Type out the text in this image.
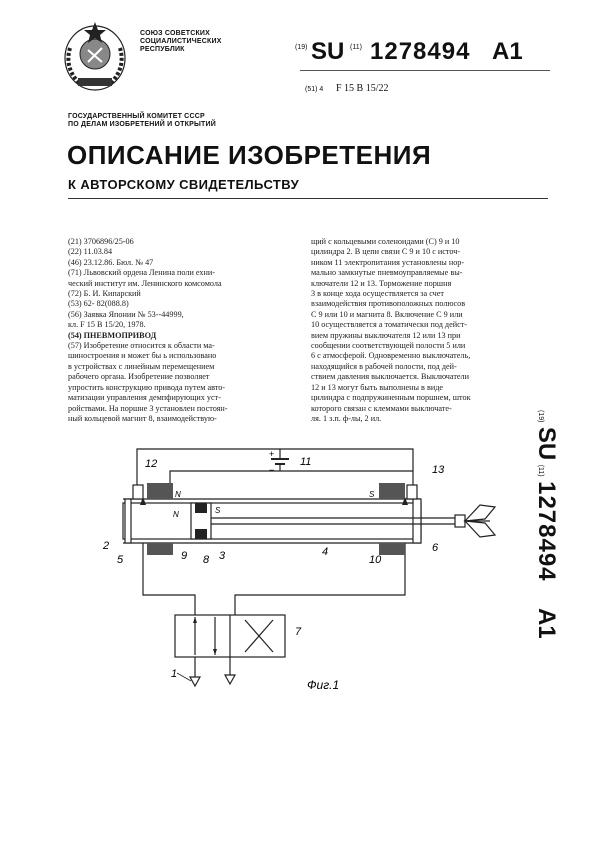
СОЮЗ СОВЕТСКИХ
СОЦИАЛИСТИЧЕСКИХ
РЕСПУБЛИК	(19) SU (11) 1278494 A1
(51) 4 F 15 B 15/22
ГОСУДАРСТВЕННЫЙ КОМИТЕТ СССР
ПО ДЕЛАМ ИЗОБРЕТЕНИЙ И ОТКРЫТИЙ
ОПИСАНИЕ ИЗОБРЕТЕНИЯ
К АВТОРСКОМУ СВИДЕТЕЛЬСТВУ
(21) 3706896/25-06
(22) 11.03.84
(46) 23.12.86. Бюл. № 47
(71) Львовский ордена Ленина поли ехни-
ческий институт им. Ленинского комсомола
(72) Б. И. Кипарский
(53) 62- 82(088.8)
(56) Заявка Японии № 53--44999,
кл. F 15 В 15/20, 1978.
(54) ПНЕВМОПРИВОД
(57) Изобретение относится к области ма-
шиностроения и может бы ь использовано
в устройствах с линейным перемещением
рабочего органа. Изобретение позволяет
упростить конструкцию привода путем авто-
матизации управления демпфирующих уст-
ройствами. На поршне 3 установлен постоян-
ный кольцевой магнит 8, взаимодействую-
щий с кольцевыми соленоидами (С) 9 и 10
цилиндра 2. В цепи связи С 9 и 10 с источ-
ником 11 электропитания установлены нор-
мально замкнутые пневмоуправляемые вы-
ключатели 12 и 13. Торможение поршня
3 в конце хода осуществляется за счет
взаимодействия противоположных полюсов
С 9 или 10 и магнита 8. Включение С 9 или
10 осуществляется а томатически под дейст-
вием пружины выключателя 12 или 13 при
сообщении соответствующей полости 5 или
6 с атмосферой. Одновременно выключатель,
находящийся в рабочей полости, под дей-
ствием давления выключается. Выключатели
12 и 13 могут быть выполнены в виде
цилиндра с подпружиненным поршнем, шток
которого связан с клеммами выключате-
ля. 1 з.п. ф-лы, 2 ил.	(19) SU (11) 1278494 A1
+
−
11
12	13
N	S
N	S
2
5	9 8 3	4
10
6
7
1
Фиг.1
